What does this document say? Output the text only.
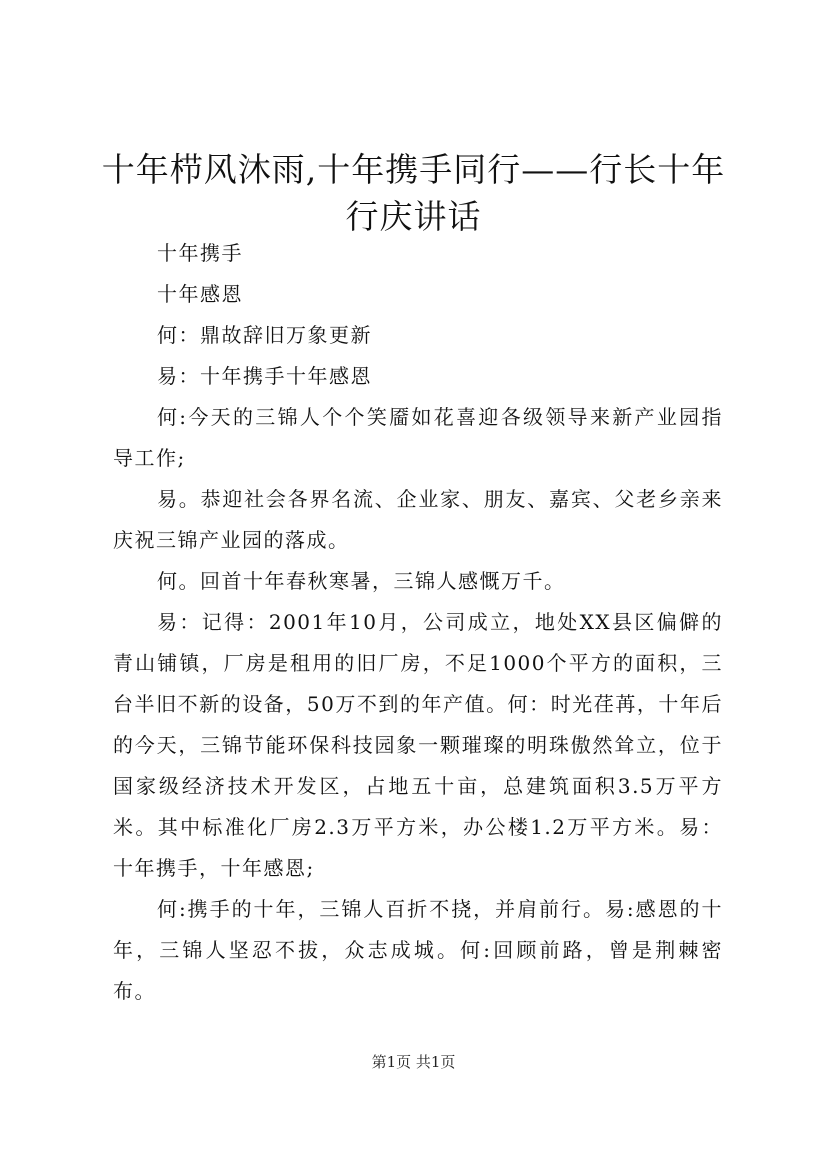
十年栉风沐雨,十年携手同行——行长十年行庆讲话

十年携手

十年感恩

何：鼎故辞旧万象更新

易：十年携手十年感恩

何:今天的三锦人个个笑靥如花喜迎各级领导来新产业园指导工作;

易。恭迎社会各界名流、企业家、朋友、嘉宾、父老乡亲来庆祝三锦产业园的落成。

何。回首十年春秋寒暑，三锦人感慨万千。

易：记得：2001年10月，公司成立，地处XX县区偏僻的青山铺镇，厂房是租用的旧厂房，不足1000个平方的面积，三台半旧不新的设备，50万不到的年产值。何：时光荏苒，十年后的今天，三锦节能环保科技园象一颗璀璨的明珠傲然耸立，位于国家级经济技术开发区，占地五十亩，总建筑面积3.5万平方米。其中标准化厂房2.3万平方米，办公楼1.2万平方米。易：十年携手，十年感恩;

何:携手的十年，三锦人百折不挠，并肩前行。易:感恩的十年，三锦人坚忍不拔，众志成城。何:回顾前路，曾是荆棘密布。

第1页 共1页
